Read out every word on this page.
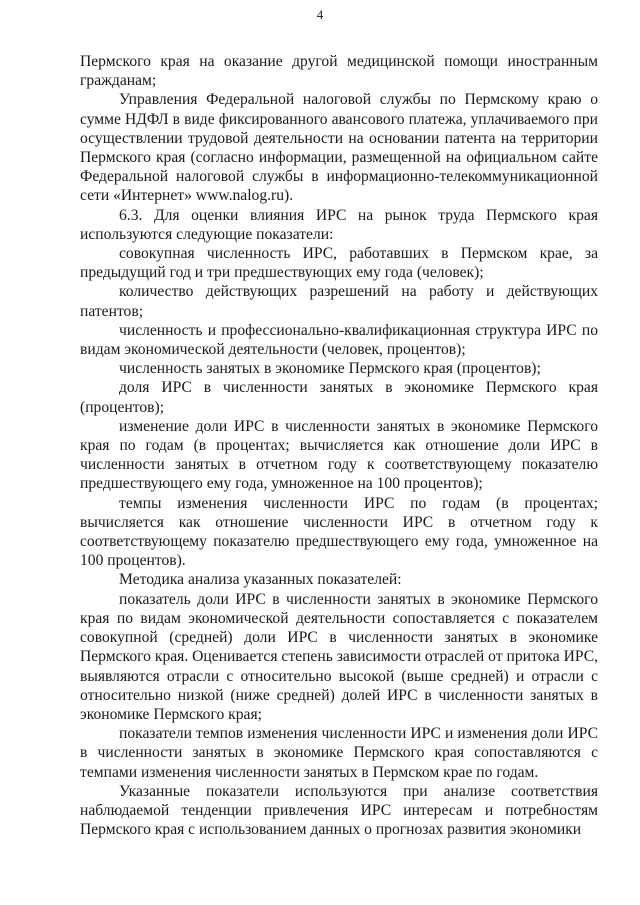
4

Пермского края на оказание другой медицинской помощи иностранным гражданам;

Управления Федеральной налоговой службы по Пермскому краю о сумме НДФЛ в виде фиксированного авансового платежа, уплачиваемого при осуществлении трудовой деятельности на основании патента на территории Пермского края (согласно информации, размещенной на официальном сайте Федеральной налоговой службы в информационно-телекоммуникационной сети «Интернет» www.nalog.ru).

6.3. Для оценки влияния ИРС на рынок труда Пермского края используются следующие показатели:

совокупная численность ИРС, работавших в Пермском крае, за предыдущий год и три предшествующих ему года (человек);

количество действующих разрешений на работу и действующих патентов;

численность и профессионально-квалификационная структура ИРС по видам экономической деятельности (человек, процентов);

численность занятых в экономике Пермского края (процентов);

доля ИРС в численности занятых в экономике Пермского края (процентов);

изменение доли ИРС в численности занятых в экономике Пермского края по годам (в процентах; вычисляется как отношение доли ИРС в численности занятых в отчетном году к соответствующему показателю предшествующего ему года, умноженное на 100 процентов);

темпы изменения численности ИРС по годам (в процентах; вычисляется как отношение численности ИРС в отчетном году к соответствующему показателю предшествующего ему года, умноженное на 100 процентов).

Методика анализа указанных показателей:

показатель доли ИРС в численности занятых в экономике Пермского края по видам экономической деятельности сопоставляется с показателем совокупной (средней) доли ИРС в численности занятых в экономике Пермского края. Оценивается степень зависимости отраслей от притока ИРС, выявляются отрасли с относительно высокой (выше средней) и отрасли с относительно низкой (ниже средней) долей ИРС в численности занятых в экономике Пермского края;

показатели темпов изменения численности ИРС и изменения доли ИРС в численности занятых в экономике Пермского края сопоставляются с темпами изменения численности занятых в Пермском крае по годам.

Указанные показатели используются при анализе соответствия наблюдаемой тенденции привлечения ИРС интересам и потребностям Пермского края с использованием данных о прогнозах развития экономики
